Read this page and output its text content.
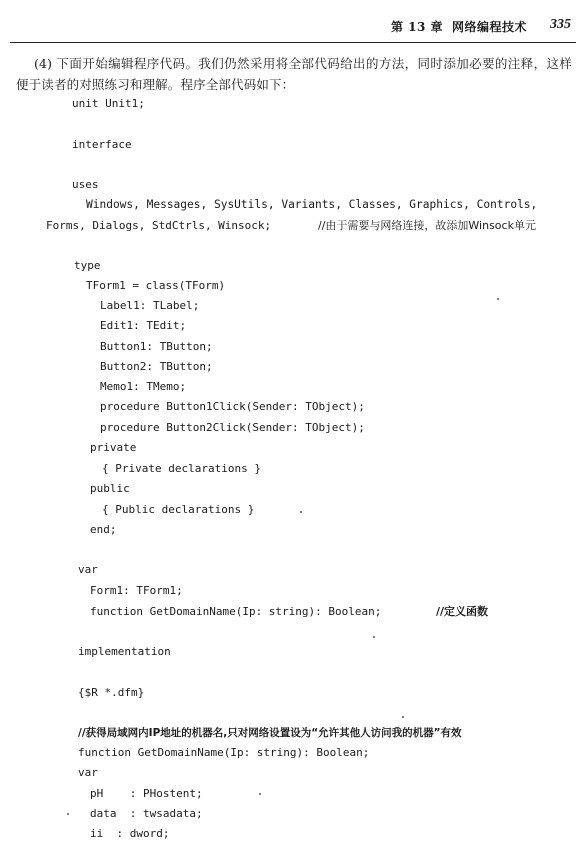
第 13 章 网络编程技术 335
(4) 下面开始编辑程序代码。我们仍然采用将全部代码给出的方法，同时添加必要的注释，这样便于读者的对照练习和理解。程序全部代码如下：
unit Unit1;
interface
uses
Windows, Messages, SysUtils, Variants, Classes, Graphics, Controls,
Forms, Dialogs, StdCtrls, Winsock;	//由于需要与网络连接，故添加Winsock单元
type
TForm1 = class(TForm)
Label1: TLabel;
Edit1: TEdit;
Button1: TButton;
Button2: TButton;
Memo1: TMemo;
procedure Button1Click(Sender: TObject);
procedure Button2Click(Sender: TObject);
private
{ Private declarations }
public
{ Public declarations }
end;
var
Form1: TForm1;
function GetDomainName(Ip: string): Boolean;	//定义函数
implementation
{$R *.dfm}
//获得局域网内IP地址的机器名,只对网络设置设为“允许其他人访问我的机器”有效
function GetDomainName(Ip: string): Boolean;
var
pH    : PHostent;
data  : twsadata;
ii  : dword;
